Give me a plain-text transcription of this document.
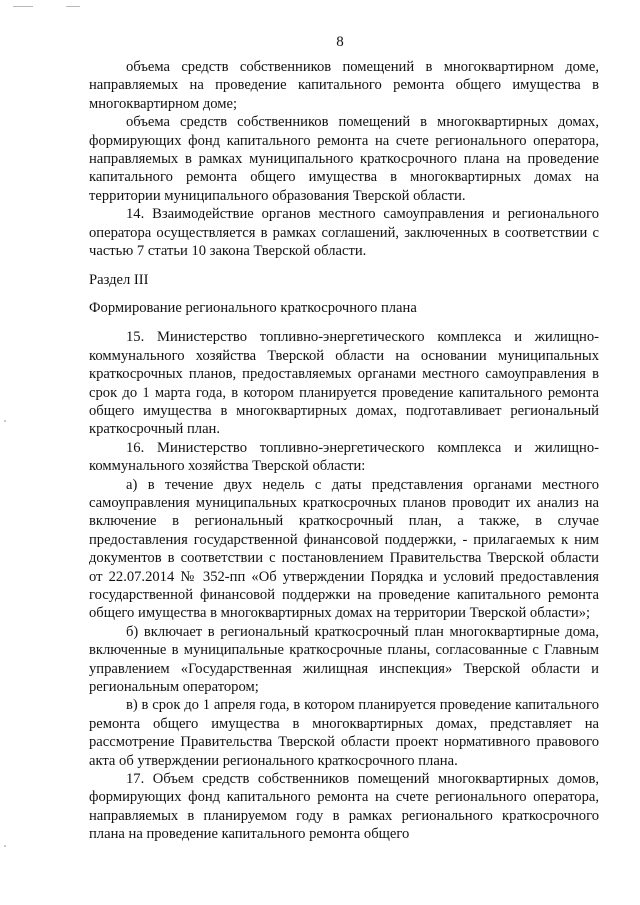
8

объема средств собственников помещений в многоквартирном доме, направляемых на проведение капитального ремонта общего имущества в многоквартирном доме;

объема средств собственников помещений в многоквартирных домах, формирующих фонд капитального ремонта на счете регионального оператора, направляемых в рамках муниципального краткосрочного плана на проведение капитального ремонта общего имущества в многоквартирных домах на территории муниципального образования Тверской области.

14. Взаимодействие органов местного самоуправления и регионального оператора осуществляется в рамках соглашений, заключенных в соответствии с частью 7 статьи 10 закона Тверской области.

Раздел III

Формирование регионального краткосрочного плана

15. Министерство топливно-энергетического комплекса и жилищно-коммунального хозяйства Тверской области на основании муниципальных краткосрочных планов, предоставляемых органами местного самоуправления в срок до 1 марта года, в котором планируется проведение капитального ремонта общего имущества в многоквартирных домах, подготавливает региональный краткосрочный план.

16. Министерство топливно-энергетического комплекса и жилищно-коммунального хозяйства Тверской области:

а) в течение двух недель с даты представления органами местного самоуправления муниципальных краткосрочных планов проводит их анализ на включение в региональный краткосрочный план, а также, в случае предоставления государственной финансовой поддержки, - прилагаемых к ним документов в соответствии с постановлением Правительства Тверской области от 22.07.2014 № 352-пп «Об утверждении Порядка и условий предоставления государственной финансовой поддержки на проведение капитального ремонта общего имущества в многоквартирных домах на территории Тверской области»;

б) включает в региональный краткосрочный план многоквартирные дома, включенные в муниципальные краткосрочные планы, согласованные с Главным управлением «Государственная жилищная инспекция» Тверской области и региональным оператором;

в) в срок до 1 апреля года, в котором планируется проведение капитального ремонта общего имущества в многоквартирных домах, представляет на рассмотрение Правительства Тверской области проект нормативного правового акта об утверждении регионального краткосрочного плана.

17. Объем средств собственников помещений многоквартирных домов, формирующих фонд капитального ремонта на счете регионального оператора, направляемых в планируемом году в рамках регионального краткосрочного плана на проведение капитального ремонта общего
